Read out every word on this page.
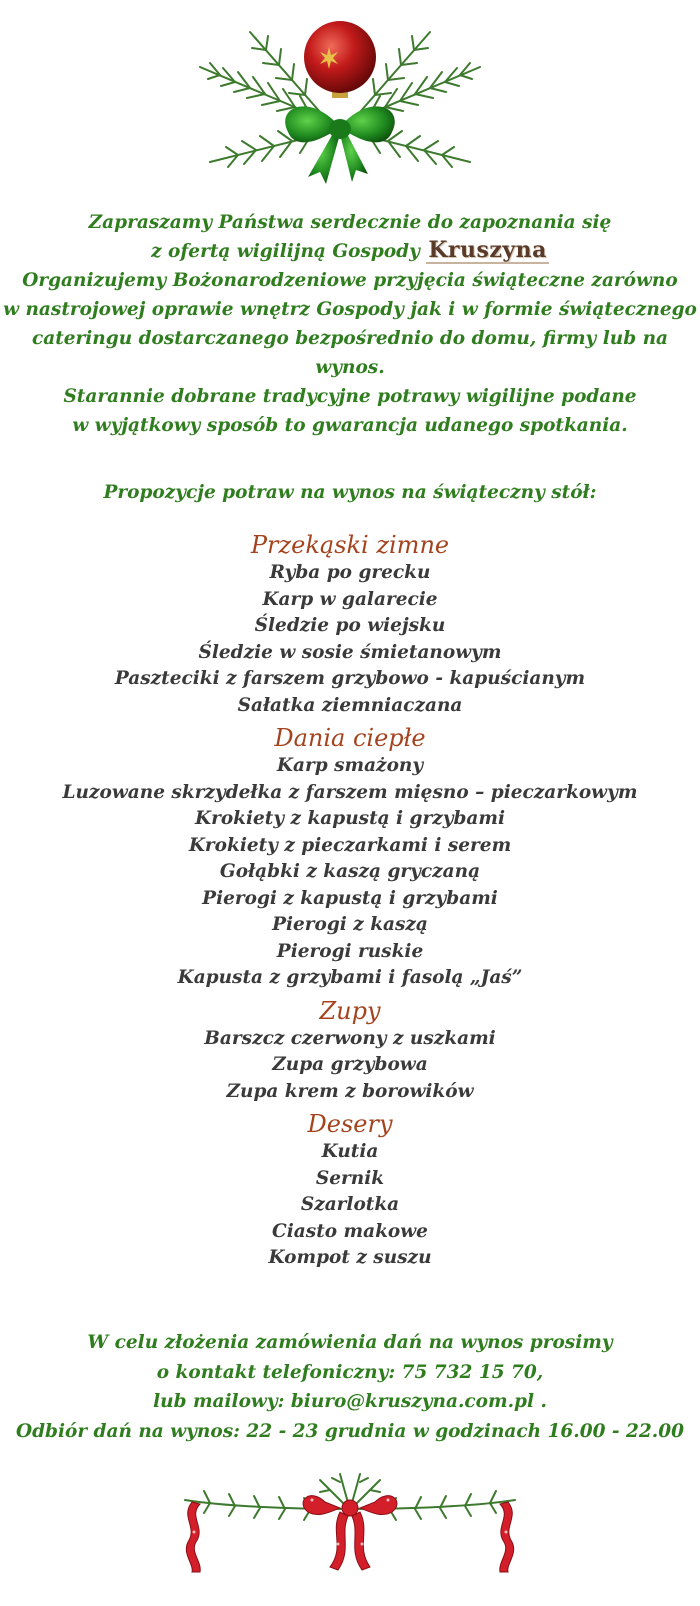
Zapraszamy Państwa serdecznie do zapoznania się
z ofertą wigilijną Gospody Kruszyna
Organizujemy Bożonarodzeniowe przyjęcia świąteczne zarówno
w nastrojowej oprawie wnętrz Gospody jak i w formie świątecznego
cateringu dostarczanego bezpośrednio do domu, firmy lub na wynos.
Starannie dobrane tradycyjne potrawy wigilijne podane
w wyjątkowy sposób to gwarancja udanego spotkania.
Propozycje potraw na wynos na świąteczny stół:
Przekąski zimne
Ryba po grecku
Karp w galarecie
Śledzie po wiejsku
Śledzie w sosie śmietanowym
Paszteciki z farszem grzybowo - kapuścianym
Sałatka ziemniaczana
Dania ciepłe
Karp smażony
Luzowane skrzydełka z farszem mięsno – pieczarkowym
Krokiety z kapustą i grzybami
Krokiety z pieczarkami i serem
Gołąbki z kaszą gryczaną
Pierogi z kapustą i grzybami
Pierogi z kaszą
Pierogi ruskie
Kapusta z grzybami i fasolą „Jaś”
Zupy
Barszcz czerwony z uszkami
Zupa grzybowa
Zupa krem z borowików
Desery
Kutia
Sernik
Szarlotka
Ciasto makowe
Kompot z suszu
W celu złożenia zamówienia dań na wynos prosimy
o kontakt telefoniczny: 75 732 15 70,
lub mailowy: biuro@kruszyna.com.pl .
Odbiór dań na wynos: 22 - 23 grudnia w godzinach 16.00 - 22.00
